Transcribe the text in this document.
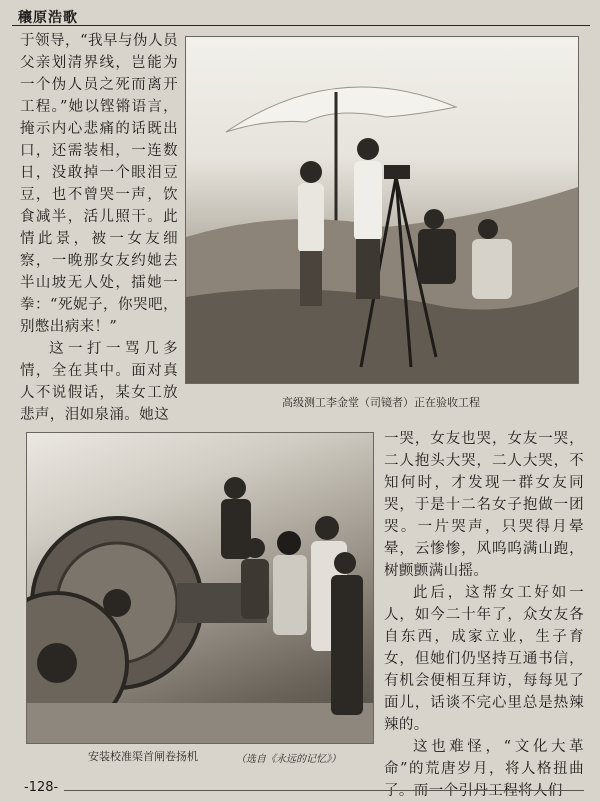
穰原浩歌

于领导，“我早与伪人员父亲划清界线，岂能为一个伪人员之死而离开工程。”她以铿锵语言，掩示内心悲痛的话既出口，还需装相，一连数日，没敢掉一个眼泪豆豆，也不曾哭一声，饮食减半，活儿照干。此情此景，被一女友细察，一晚那女友约她去半山坡无人处，擂她一拳：“死妮子，你哭吧，别憋出病来！”

这一打一骂几多情，全在其中。面对真人不说假话，某女工放悲声，泪如泉涌。她这

高级测工李金堂（司镜者）正在验收工程
安装校准渠首闸卷扬机	（选自《永远的记忆》）

一哭，女友也哭，女友一哭，二人抱头大哭，二人大哭，不知何时，才发现一群女友同哭，于是十二名女子抱做一团哭。一片哭声，只哭得月晕晕，云惨惨，风呜呜满山跑，树颤颤满山摇。

此后，这帮女工好如一人，如今二十年了，众女友各自东西，成家立业，生子育女，但她们仍坚持互通书信，有机会便相互拜访，每每见了面儿，话谈不完心里总是热辣辣的。

这也难怪，“文化大革命”的荒唐岁月，将人格扭曲了。而一个引丹工程将人们

-128-
